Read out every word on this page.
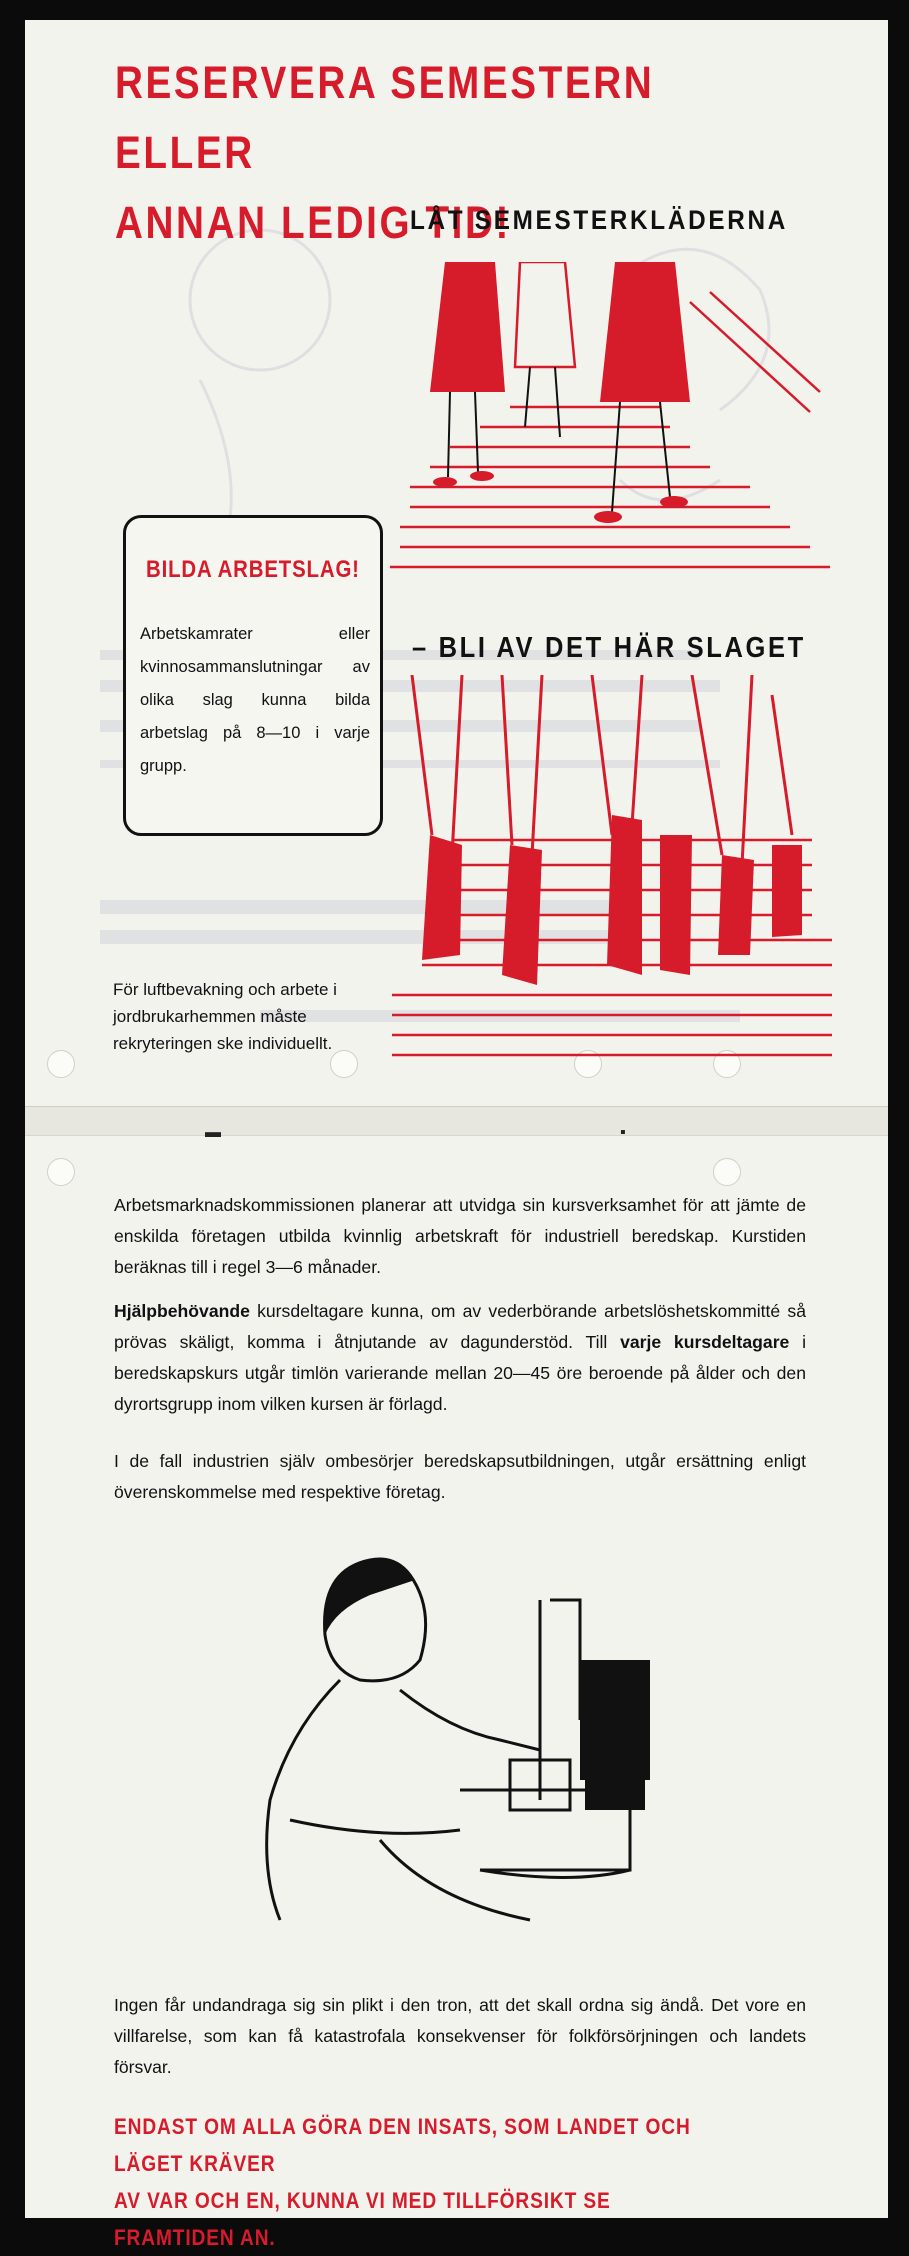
RESERVERA SEMESTERN ELLER
ANNAN LEDIG TID!
LÅT SEMESTERKLÄDERNA
– BLI AV DET HÄR SLAGET
BILDA ARBETSLAG!
Arbetskamrater eller kvinnosammanslutningar av olika slag kunna bilda arbetslag på 8—10 i varje grupp.
För luftbevakning och arbete i jordbrukarhemmen måste rekryteringen ske individuellt.
▬	▪
Arbetsmarknadskommissionen planerar att utvidga sin kursverksamhet för att jämte de enskilda företagen utbilda kvinnlig arbetskraft för industriell beredskap. Kurstiden beräknas till i regel 3—6 månader.
Hjälpbehövande kursdeltagare kunna, om av vederbörande arbetslöshetskommitté så prövas skäligt, komma i åtnjutande av dagunderstöd. Till varje kursdeltagare i beredskapskurs utgår timlön varierande mellan 20—45 öre beroende på ålder och den dyrortsgrupp inom vilken kursen är förlagd.
I de fall industrien själv ombesörjer beredskapsutbildningen, utgår ersättning enligt överenskommelse med respektive företag.
Ingen får undandraga sig sin plikt i den tron, att det skall ordna sig ändå. Det vore en villfarelse, som kan få katastrofala konsekvenser för folkförsörjningen och landets försvar.
ENDAST OM ALLA GÖRA DEN INSATS, SOM LANDET OCH LÄGET KRÄVER
AV VAR OCH EN, KUNNA VI MED TILLFÖRSIKT SE FRAMTIDEN AN.
